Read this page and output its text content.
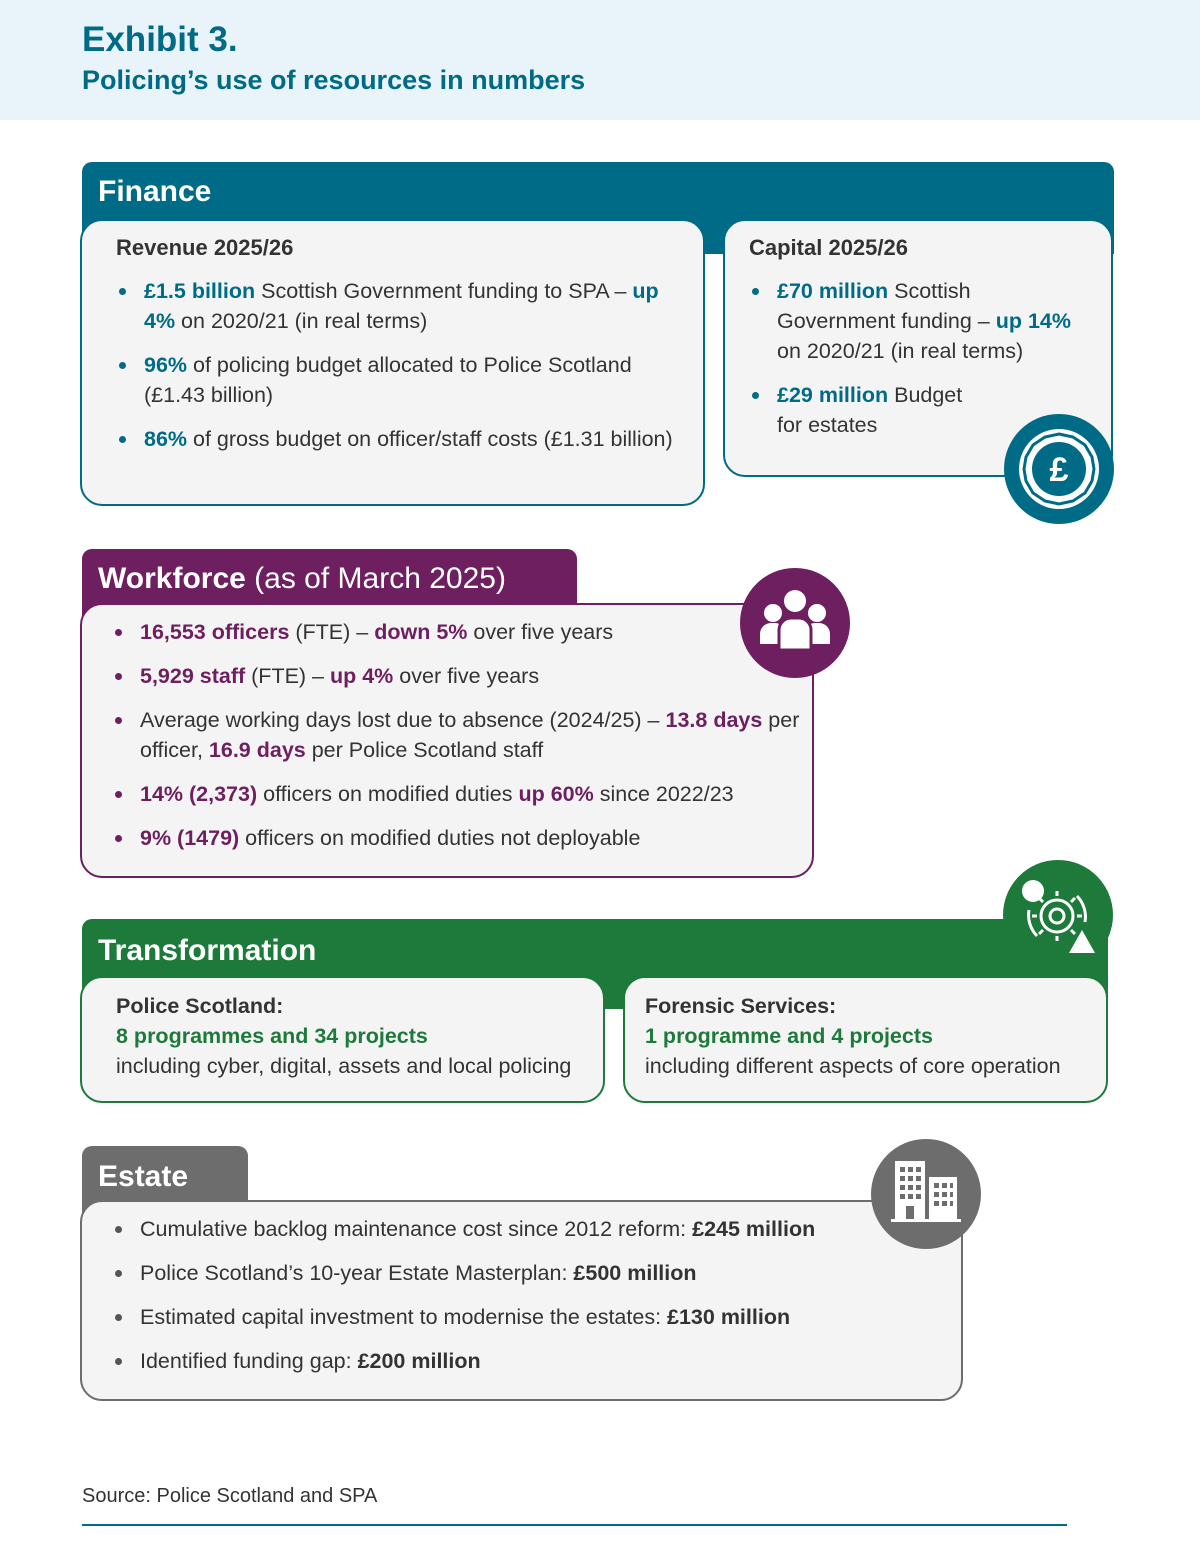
Exhibit 3.
Policing’s use of resources in numbers
Finance
Revenue 2025/26
£1.5 billion Scottish Government funding to SPA – up 4% on 2020/21 (in real terms)
96% of policing budget allocated to Police Scotland (£1.43 billion)
86% of gross budget on officer/staff costs (£1.31 billion)
Capital 2025/26
£70 million Scottish Government funding – up 14% on 2020/21 (in real terms)
£29 million Budget for estates
£
Workforce (as of March 2025)
16,553 officers (FTE) – down 5% over five years
5,929 staff (FTE) – up 4% over five years
Average working days lost due to absence (2024/25) – 13.8 days per officer, 16.9 days per Police Scotland staff
14% (2,373) officers on modified duties up 60% since 2022/23
9% (1479) officers on modified duties not deployable
Transformation
Police Scotland:
8 programmes and 34 projects
including cyber, digital, assets and local policing
Forensic Services:
1 programme and 4 projects
including different aspects of core operation
Estate
Cumulative backlog maintenance cost since 2012 reform: £245 million
Police Scotland’s 10-year Estate Masterplan: £500 million
Estimated capital investment to modernise the estates: £130 million
Identified funding gap: £200 million
Source: Police Scotland and SPA
